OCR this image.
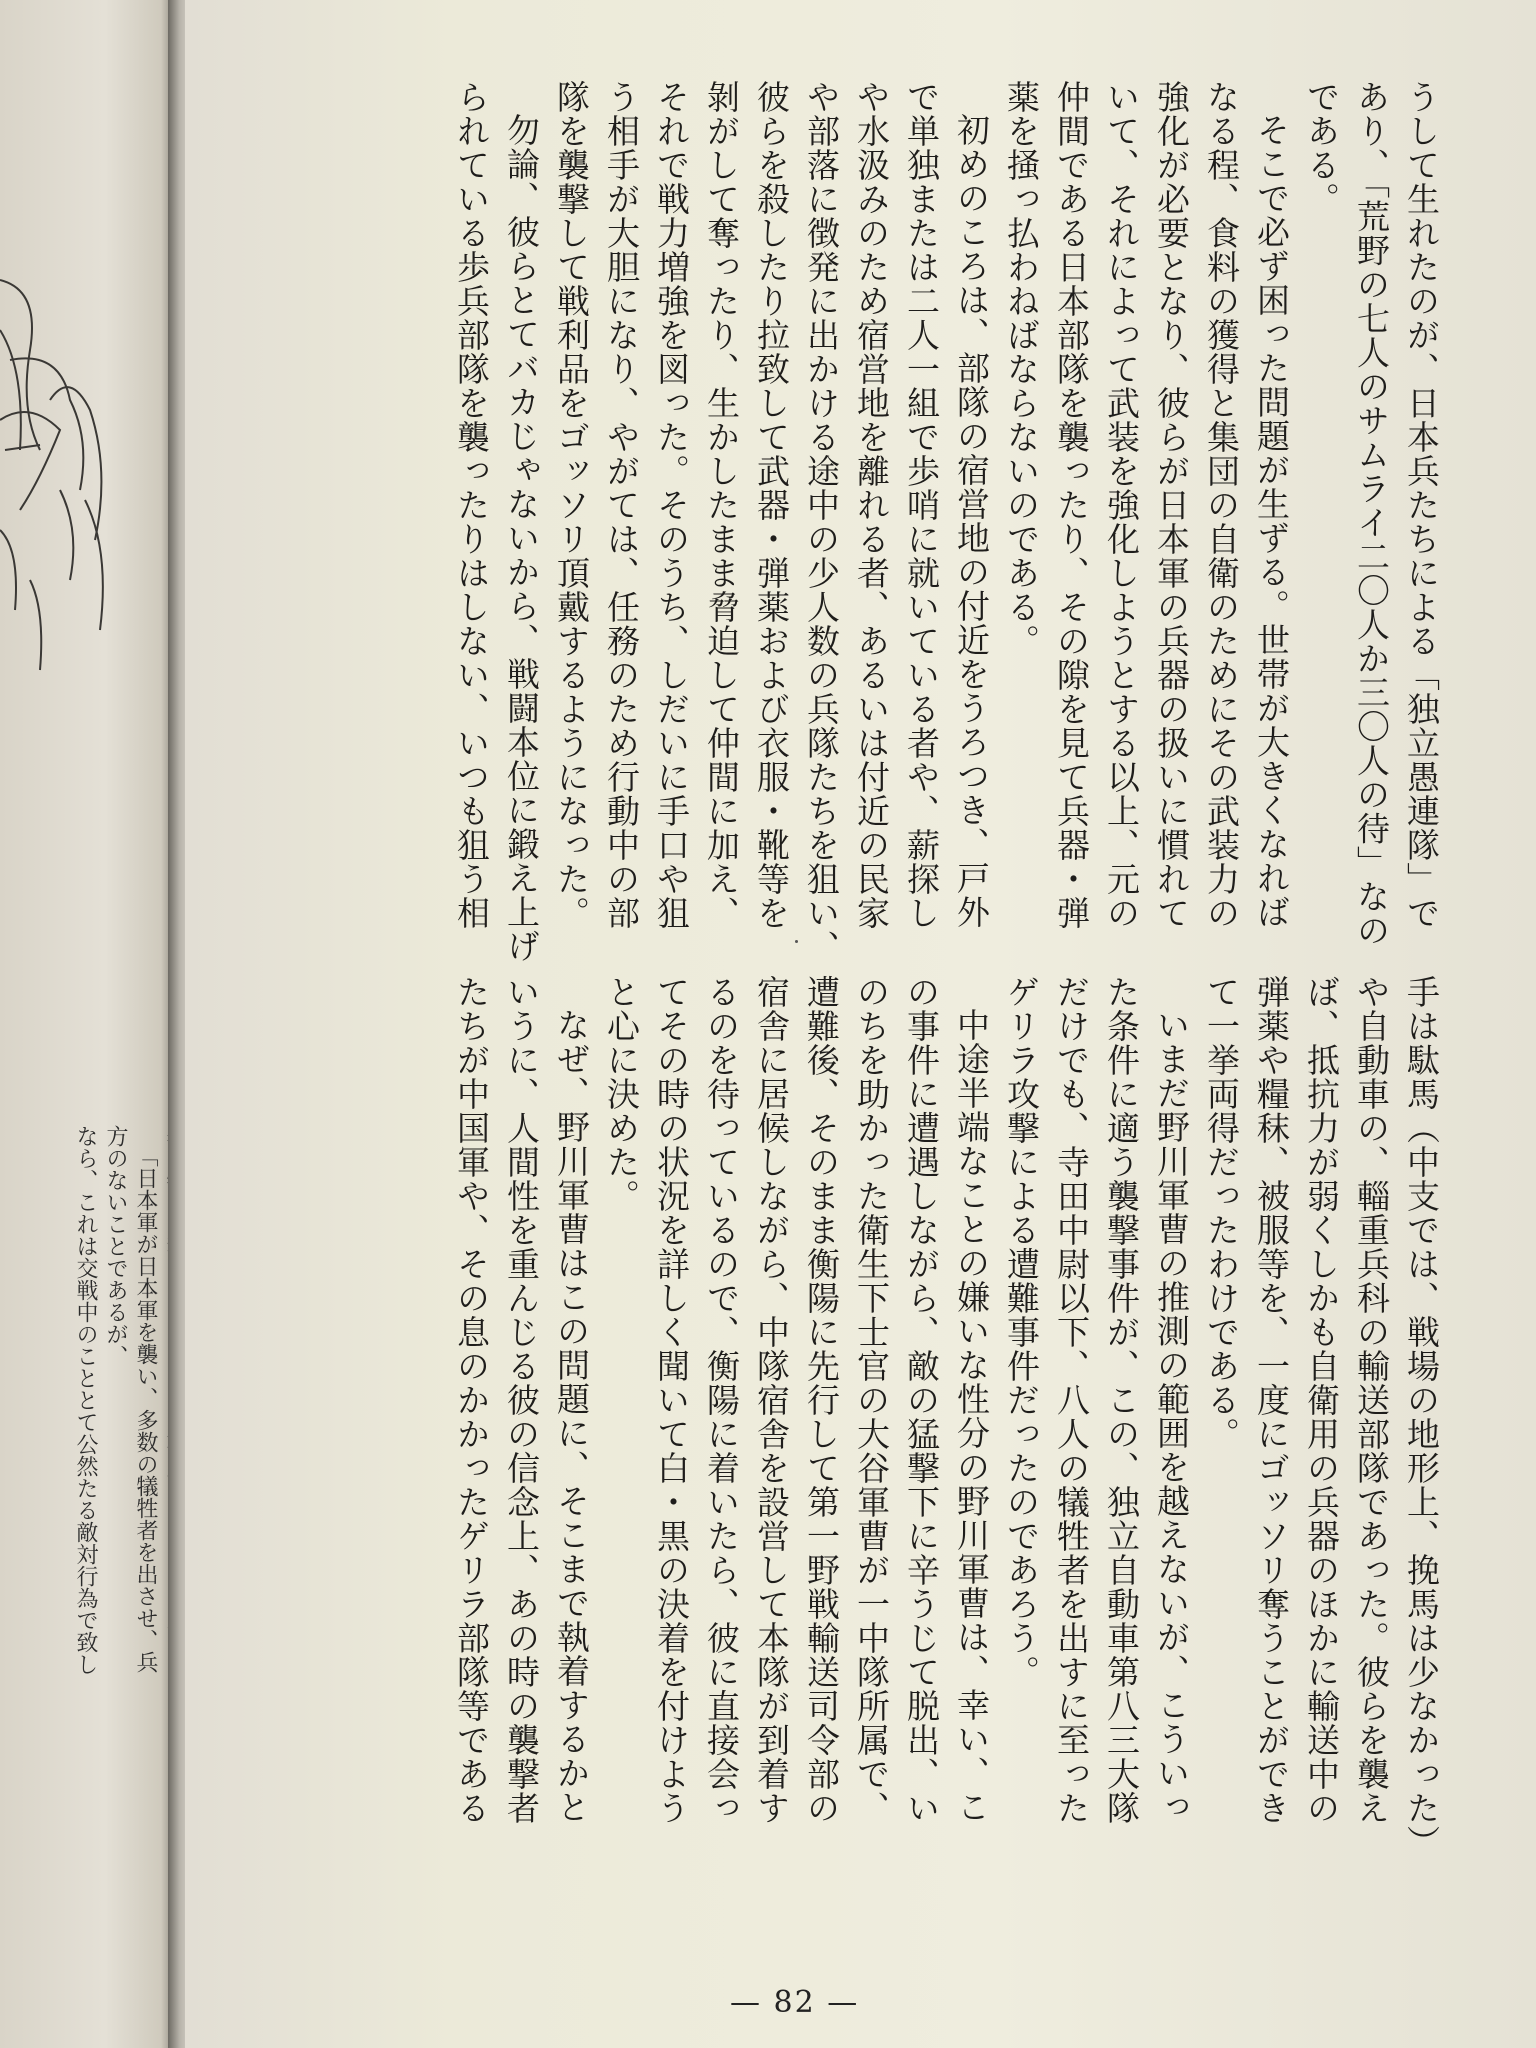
なら、これは交戦中のこととて公然たる敵対行為で致し 方のないことであるが、 「日本軍が日本軍を襲い、多数の犠牲者を出させ、兵
うして生れたのが、日本兵たちによる「独立愚連隊」で
あり、「荒野の七人のサムライ二〇人か三〇人の待」なの
である。
そこで必ず困った問題が生ずる。世帯が大きくなれば
なる程、食料の獲得と集団の自衛のためにその武装力の
強化が必要となり、彼らが日本軍の兵器の扱いに慣れて
いて、それによって武装を強化しようとする以上、元の
仲間である日本部隊を襲ったり、その隙を見て兵器・弾
薬を掻っ払わねばならないのである。
初めのころは、部隊の宿営地の付近をうろつき、戸外
で単独または二人一組で歩哨に就いている者や、薪探し
や水汲みのため宿営地を離れる者、あるいは付近の民家
や部落に徴発に出かける途中の少人数の兵隊たちを狙い、
彼らを殺したり拉致して武器・弾薬および衣服・靴等を
剝がして奪ったり、生かしたまま脅迫して仲間に加え、
それで戦力増強を図った。そのうち、しだいに手口や狙
う相手が大胆になり、やがては、任務のため行動中の部
隊を襲撃して戦利品をゴッソリ頂戴するようになった。
勿論、彼らとてバカじゃないから、戦闘本位に鍛え上げ
られている歩兵部隊を襲ったりはしない、いつも狙う相
手は駄馬（中支では、戦場の地形上、挽馬は少なかった）
や自動車の、輜重兵科の輸送部隊であった。彼らを襲え
ば、抵抗力が弱くしかも自衛用の兵器のほかに輸送中の
弾薬や糧秣、被服等を、一度にゴッソリ奪うことができ
て一挙両得だったわけである。
いまだ野川軍曹の推測の範囲を越えないが、こういっ
た条件に適う襲撃事件が、この、独立自動車第八三大隊
だけでも、寺田中尉以下、八人の犠牲者を出すに至った
ゲリラ攻撃による遭難事件だったのであろう。
中途半端なことの嫌いな性分の野川軍曹は、幸い、こ
の事件に遭遇しながら、敵の猛撃下に辛うじて脱出、い
のちを助かった衛生下士官の大谷軍曹が一中隊所属で、
遭難後、そのまま衡陽に先行して第一野戦輸送司令部の
宿舎に居候しながら、中隊宿舎を設営して本隊が到着す
るのを待っているので、衡陽に着いたら、彼に直接会っ
てその時の状況を詳しく聞いて白・黒の決着を付けよう
と心に決めた。
なぜ、野川軍曹はこの問題に、そこまで執着するかと
いうに、人間性を重んじる彼の信念上、あの時の襲撃者
たちが中国軍や、その息のかかったゲリラ部隊等である
— 82 —
